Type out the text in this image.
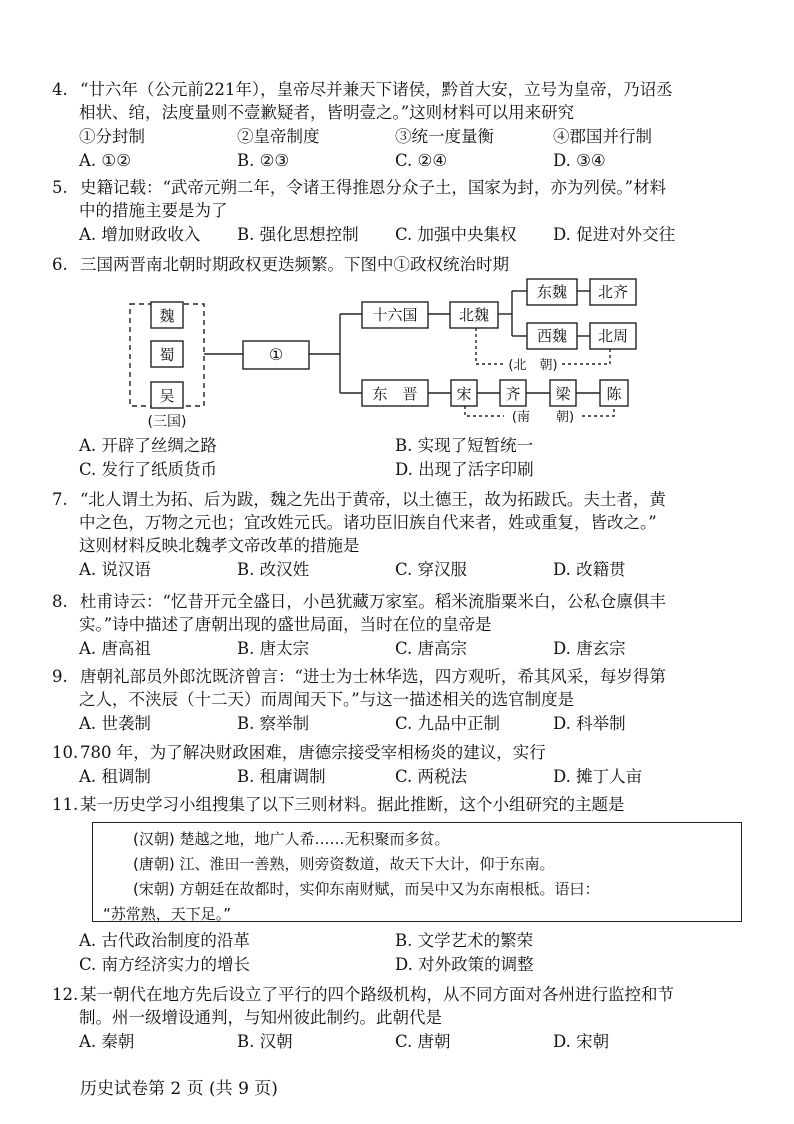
4. “廿六年（公元前221年），皇帝尽并兼天下诸侯，黔首大安，立号为皇帝，乃诏丞

相状、绾，法度量则不壹歉疑者，皆明壹之。”这则材料可以用来研究

①分封制	②皇帝制度	③统一度量衡	④郡国并行制
A. ①②	B. ②③	C. ②④	D. ③④

5. 史籍记载：“武帝元朔二年，令诸王得推恩分众子土，国家为封，亦为列侯。”材料

中的措施主要是为了

A. 增加财政收入	B. 强化思想控制	C. 加强中央集权	D. 促进对外交往

6. 三国两晋南北朝时期政权更迭频繁。下图中①政权统治时期

魏
蜀
吴
(三国)
①
十六国	北魏
东魏 北齐
西魏 北周
(北　朝)
东　晋	宋 齐 梁 陈
(南　　朝)
A. 开辟了丝绸之路	B. 实现了短暂统一
C. 发行了纸质货币	D. 出现了活字印刷

7. “北人谓土为拓、后为跋，魏之先出于黄帝，以土德王，故为拓跋氏。夫土者，黄

中之色，万物之元也；宜改姓元氏。诸功臣旧族自代来者，姓或重复，皆改之。”

这则材料反映北魏孝文帝改革的措施是

A. 说汉语	B. 改汉姓	C. 穿汉服	D. 改籍贯

8. 杜甫诗云：“忆昔开元全盛日，小邑犹藏万家室。稻米流脂粟米白，公私仓廪俱丰

实。”诗中描述了唐朝出现的盛世局面，当时在位的皇帝是

A. 唐高祖	B. 唐太宗	C. 唐高宗	D. 唐玄宗

9. 唐朝礼部员外郎沈既济曾言：“进士为士林华选，四方观听，希其风采，每岁得第

之人，不浃辰（十二天）而周闻天下。”与这一描述相关的选官制度是

A. 世袭制	B. 察举制	C. 九品中正制	D. 科举制

10. 780 年，为了解决财政困难，唐德宗接受宰相杨炎的建议，实行

A. 租调制	B. 租庸调制	C. 两税法	D. 摊丁人亩

11. 某一历史学习小组搜集了以下三则材料。据此推断，这个小组研究的主题是

(汉朝) 楚越之地，地广人希……无积聚而多贫。

(唐朝) 江、淮田一善熟，则旁资数道，故天下大计，仰于东南。

(宋朝) 方朝廷在故都时，实仰东南财赋，而吴中又为东南根柢。语曰：

“苏常熟，天下足。”

A. 古代政治制度的沿革	B. 文学艺术的繁荣
C. 南方经济实力的增长	D. 对外政策的调整

12. 某一朝代在地方先后设立了平行的四个路级机构，从不同方面对各州进行监控和节

制。州一级增设通判，与知州彼此制约。此朝代是

A. 秦朝	B. 汉朝	C. 唐朝	D. 宋朝
历史试卷第 2 页 (共 9 页)
